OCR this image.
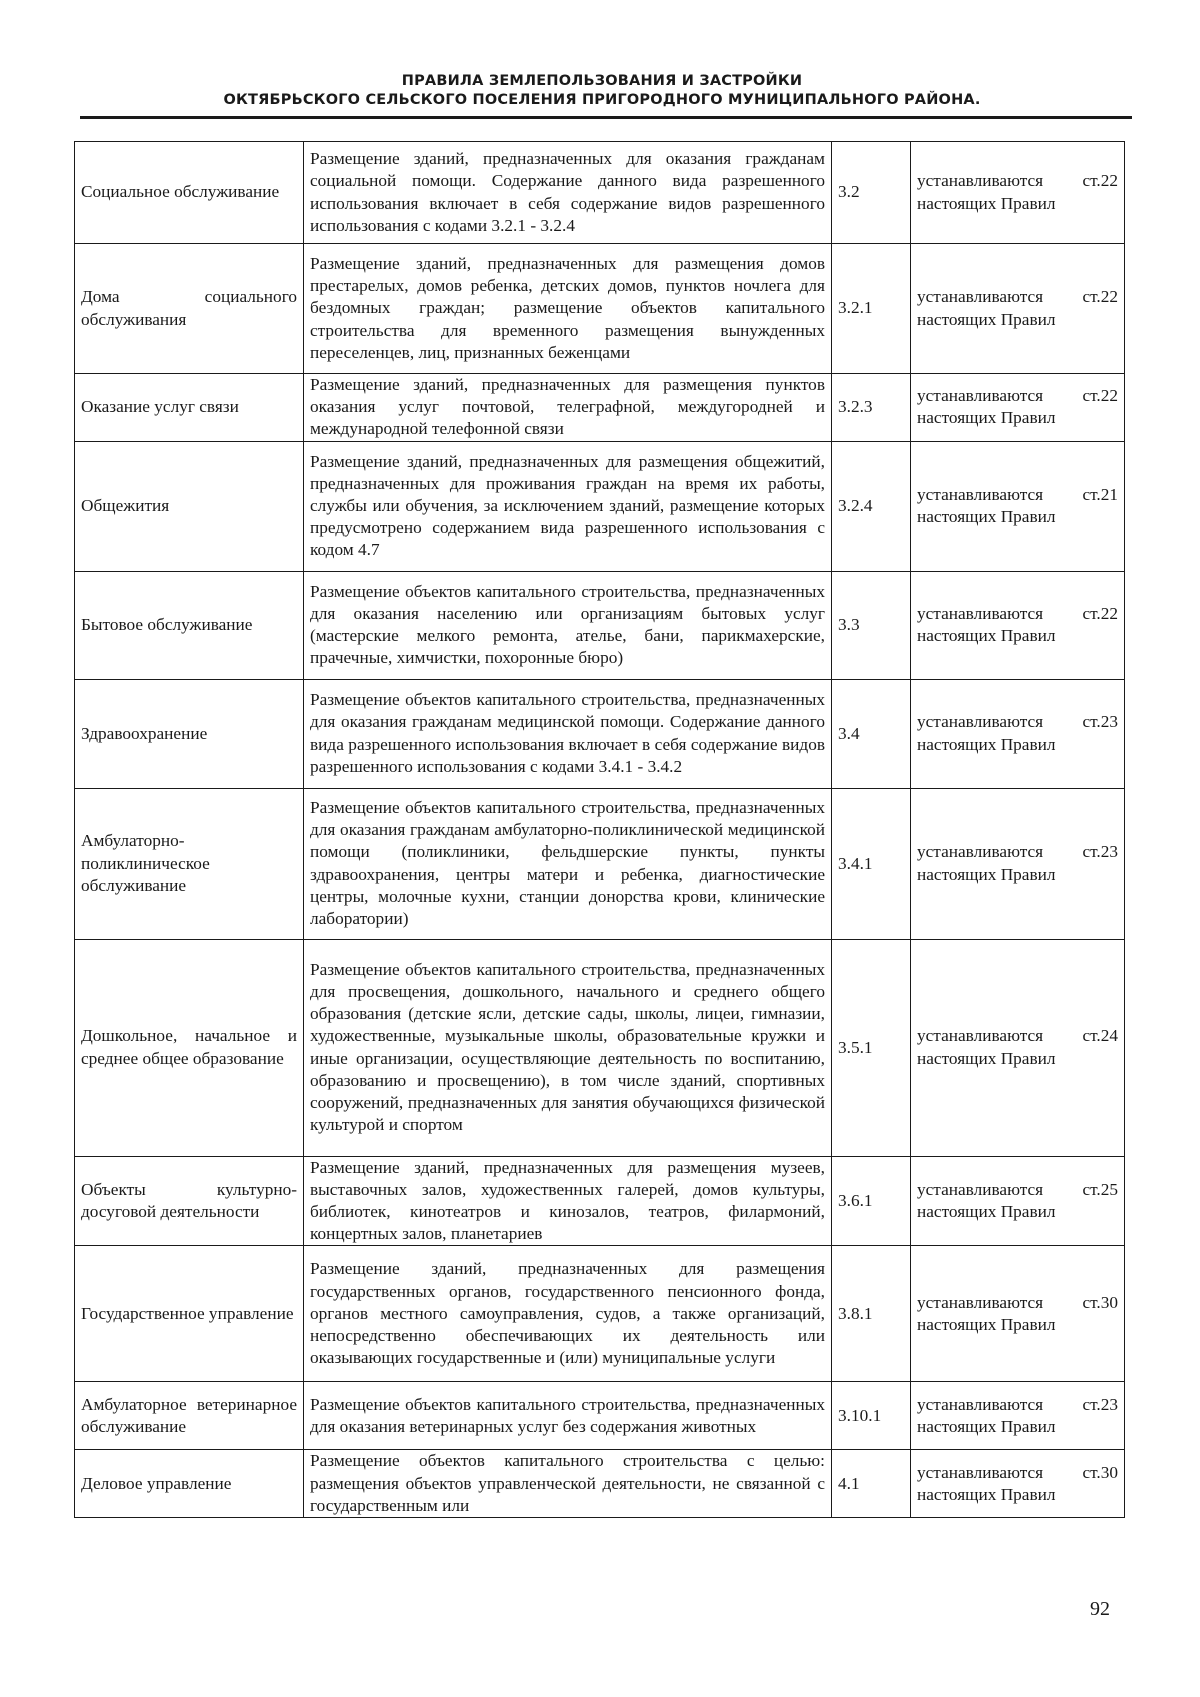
ПРАВИЛА ЗЕМЛЕПОЛЬЗОВАНИЯ И ЗАСТРОЙКИ
ОКТЯБРЬСКОГО СЕЛЬСКОГО ПОСЕЛЕНИЯ ПРИГОРОДНОГО МУНИЦИПАЛЬНОГО РАЙОНА.
Социальное обслуживание	Размещение зданий, предназначенных для оказания гражданам социальной помощи. Содержание данного вида разрешенного использования включает в себя содержание видов разрешенного использования с кодами 3.2.1 - 3.2.4	3.2	устанавливаются ст.22 настоящих Правил
Дома социального обслуживания	Размещение зданий, предназначенных для размещения домов престарелых, домов ребенка, детских домов, пунктов ночлега для бездомных граждан; размещение объектов капитального строительства для временного размещения вынужденных переселенцев, лиц, признанных беженцами	3.2.1	устанавливаются ст.22 настоящих Правил
Оказание услуг связи	Размещение зданий, предназначенных для размещения пунктов оказания услуг почтовой, телеграфной, междугородней и международной телефонной связи	3.2.3	устанавливаются ст.22 настоящих Правил
Общежития	Размещение зданий, предназначенных для размещения общежитий, предназначенных для проживания граждан на время их работы, службы или обучения, за исключением зданий, размещение которых предусмотрено содержанием вида разрешенного использования с кодом 4.7	3.2.4	устанавливаются ст.21 настоящих Правил
Бытовое обслуживание	Размещение объектов капитального строительства, предназначенных для оказания населению или организациям бытовых услуг (мастерские мелкого ремонта, ателье, бани, парикмахерские, прачечные, химчистки, похоронные бюро)	3.3	устанавливаются ст.22 настоящих Правил
Здравоохранение	Размещение объектов капитального строительства, предназначенных для оказания гражданам медицинской помощи. Содержание данного вида разрешенного использования включает в себя содержание видов разрешенного использования с кодами 3.4.1 - 3.4.2	3.4	устанавливаются ст.23 настоящих Правил
Амбулаторно-поликлиническое обслуживание	Размещение объектов капитального строительства, предназначенных для оказания гражданам амбулаторно-поликлинической медицинской помощи (поликлиники, фельдшерские пункты, пункты здравоохранения, центры матери и ребенка, диагностические центры, молочные кухни, станции донорства крови, клинические лаборатории)	3.4.1	устанавливаются ст.23 настоящих Правил
Дошкольное, начальное и среднее общее образование	Размещение объектов капитального строительства, предназначенных для просвещения, дошкольного, начального и среднего общего образования (детские ясли, детские сады, школы, лицеи, гимназии, художественные, музыкальные школы, образовательные кружки и иные организации, осуществляющие деятельность по воспитанию, образованию и просвещению), в том числе зданий, спортивных сооружений, предназначенных для занятия обучающихся физической культурой и спортом	3.5.1	устанавливаются ст.24 настоящих Правил
Объекты культурно-досуговой деятельности	Размещение зданий, предназначенных для размещения музеев, выставочных залов, художественных галерей, домов культуры, библиотек, кинотеатров и кинозалов, театров, филармоний, концертных залов, планетариев	3.6.1	устанавливаются ст.25 настоящих Правил
Государственное управление	Размещение зданий, предназначенных для размещения государственных органов, государственного пенсионного фонда, органов местного самоуправления, судов, а также организаций, непосредственно обеспечивающих их деятельность или оказывающих государственные и (или) муниципальные услуги	3.8.1	устанавливаются ст.30 настоящих Правил
Амбулаторное ветеринарное обслуживание	Размещение объектов капитального строительства, предназначенных для оказания ветеринарных услуг без содержания животных	3.10.1	устанавливаются ст.23 настоящих Правил
Деловое управление	Размещение объектов капитального строительства с целью: размещения объектов управленческой деятельности, не связанной с государственным или	4.1	устанавливаются ст.30 настоящих Правил
92
